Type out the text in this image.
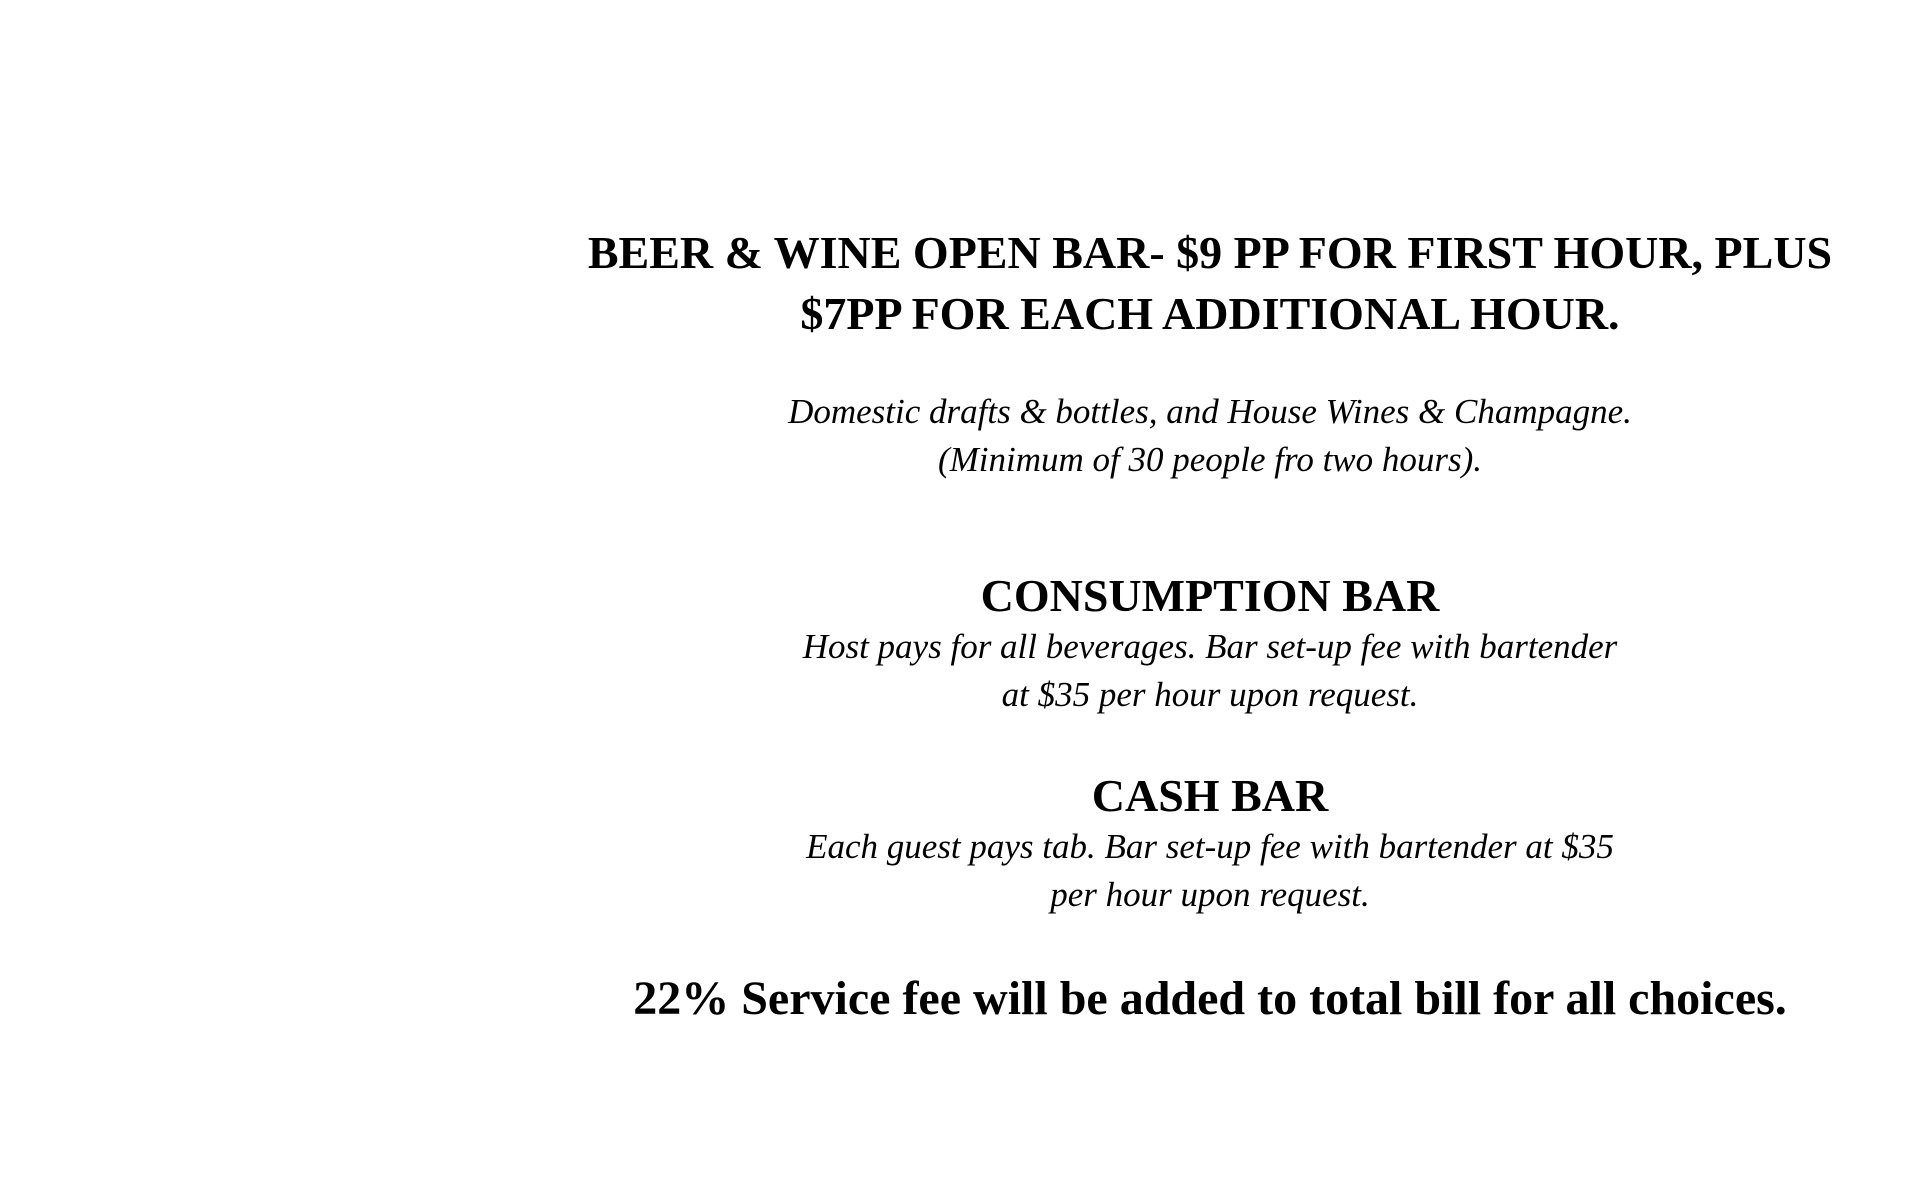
BEER & WINE OPEN BAR- $9 PP FOR FIRST HOUR, PLUS
$7PP FOR EACH ADDITIONAL HOUR.

Domestic drafts & bottles, and House Wines & Champagne.
(Minimum of 30 people fro two hours).

CONSUMPTION BAR

Host pays for all beverages. Bar set-up fee with bartender
at $35 per hour upon request.

CASH BAR

Each guest pays tab. Bar set-up fee with bartender at $35
per hour upon request.

22% Service fee will be added to total bill for all choices.
